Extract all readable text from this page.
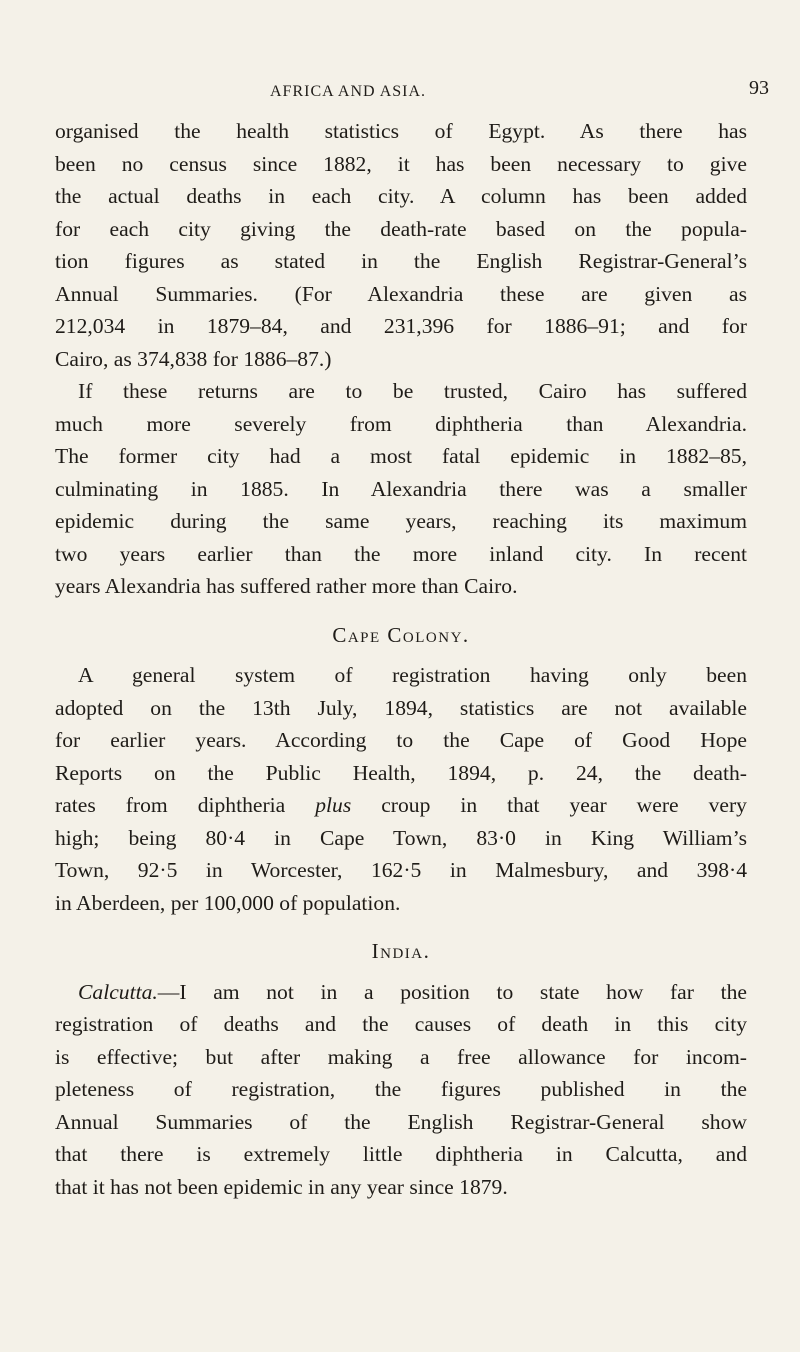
AFRICA AND ASIA.	93
organised the health statistics of Egypt. As there has
been no census since 1882, it has been necessary to give
the actual deaths in each city. A column has been added
for each city giving the death-rate based on the popula-
tion figures as stated in the English Registrar-General’s
Annual Summaries. (For Alexandria these are given as
212,034 in 1879–84, and 231,396 for 1886–91; and for
Cairo, as 374,838 for 1886–87.)
If these returns are to be trusted, Cairo has suffered
much more severely from diphtheria than Alexandria.
The former city had a most fatal epidemic in 1882–85,
culminating in 1885. In Alexandria there was a smaller
epidemic during the same years, reaching its maximum
two years earlier than the more inland city. In recent
years Alexandria has suffered rather more than Cairo.
Cape Colony.
A general system of registration having only been
adopted on the 13th July, 1894, statistics are not available
for earlier years. According to the Cape of Good Hope
Reports on the Public Health, 1894, p. 24, the death-
rates from diphtheria plus croup in that year were very
high; being 80·4 in Cape Town, 83·0 in King William’s
Town, 92·5 in Worcester, 162·5 in Malmesbury, and 398·4
in Aberdeen, per 100,000 of population.
India.
Calcutta.—I am not in a position to state how far the
registration of deaths and the causes of death in this city
is effective; but after making a free allowance for incom-
pleteness of registration, the figures published in the
Annual Summaries of the English Registrar-General show
that there is extremely little diphtheria in Calcutta, and
that it has not been epidemic in any year since 1879.
